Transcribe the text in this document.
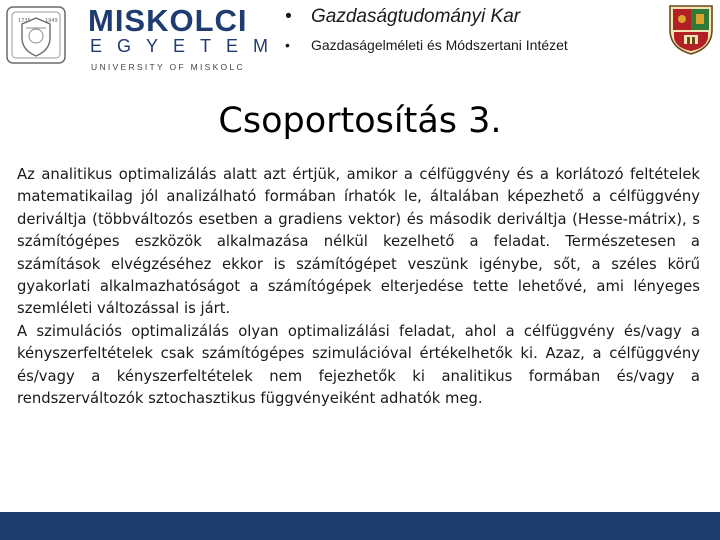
1735	1949 MISKOLCI
EGYETEM
UNIVERSITY OF MISKOLC
• Gazdaságtudományi Kar
• Gazdaságelméleti és Módszertani Intézet
Csoportosítás 3.

Az analitikus optimalizálás alatt azt értjük, amikor a célfüggvény és a korlátozó feltételek matematikailag jól analizálható formában írhatók le, általában képezhető a célfüggvény deriváltja (többváltozós esetben a gradiens vektor) és második deriváltja (Hesse-mátrix), s számítógépes eszközök alkalmazása nélkül kezelhető a feladat. Természetesen a számítások elvégzéséhez ekkor is számítógépet veszünk igénybe, sőt, a széles körű gyakorlati alkalmazhatóságot a számítógépek elterjedése tette lehetővé, ami lényeges szemléleti változással is járt.

A szimulációs optimalizálás olyan optimalizálási feladat, ahol a célfüggvény és/vagy a kényszerfeltételek csak számítógépes szimulációval értékelhetők ki. Azaz, a célfüggvény és/vagy a kényszerfeltételek nem fejezhetők ki analitikus formában és/vagy a rendszerváltozók sztochasztikus függvényeiként adhatók meg.
